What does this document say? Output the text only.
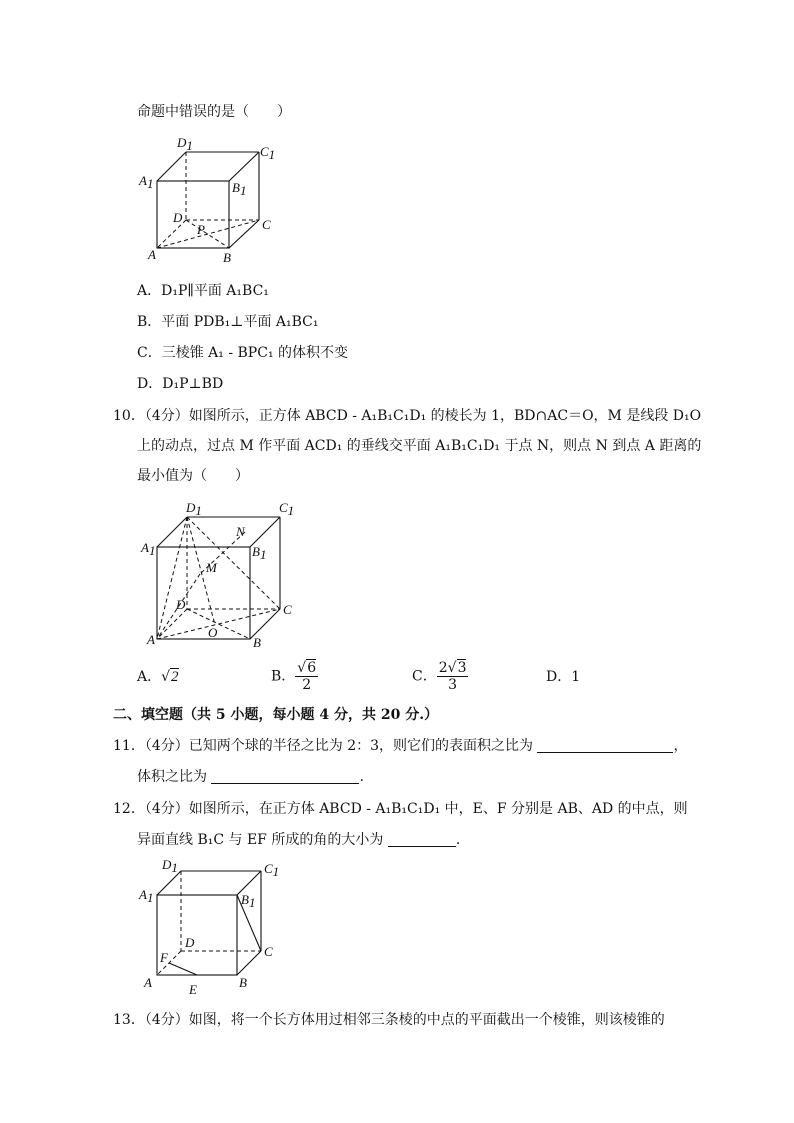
命题中错误的是（　　）
D1	C1
A1	B1
D	C
P
A	B
A．D₁P∥平面 A₁BC₁
B．平面 PDB₁⊥平面 A₁BC₁
C．三棱锥 A₁ - BPC₁ 的体积不变
D．D₁P⊥BD
10．（4分）如图所示，正方体 ABCD - A₁B₁C₁D₁ 的棱长为 1，BD∩AC＝O，M 是线段 D₁O
上的动点，过点 M 作平面 ACD₁ 的垂线交平面 A₁B₁C₁D₁ 于点 N，则点 N 到点 A 距离的
最小值为（　　）
D1	C1
A1	B1
N
M
D	C
O
A	B
A．√2	B． $\frac{√6}{2}$	C． $\frac{2√3}{3}$	D．1
二、填空题（共 5 小题，每小题 4 分，共 20 分.）
11．（4分）已知两个球的半径之比为 2：3，则它们的表面积之比为	，
体积之比为	.
12．（4分）如图所示，在正方体 ABCD - A₁B₁C₁D₁ 中，E、F 分别是 AB、AD 的中点，则
异面直线 B₁C 与 EF 所成的角的大小为	.
D1	C1
A1	B1
D
C
F
A	E	B
13．（4分）如图，将一个长方体用过相邻三条棱的中点的平面截出一个棱锥，则该棱锥的
